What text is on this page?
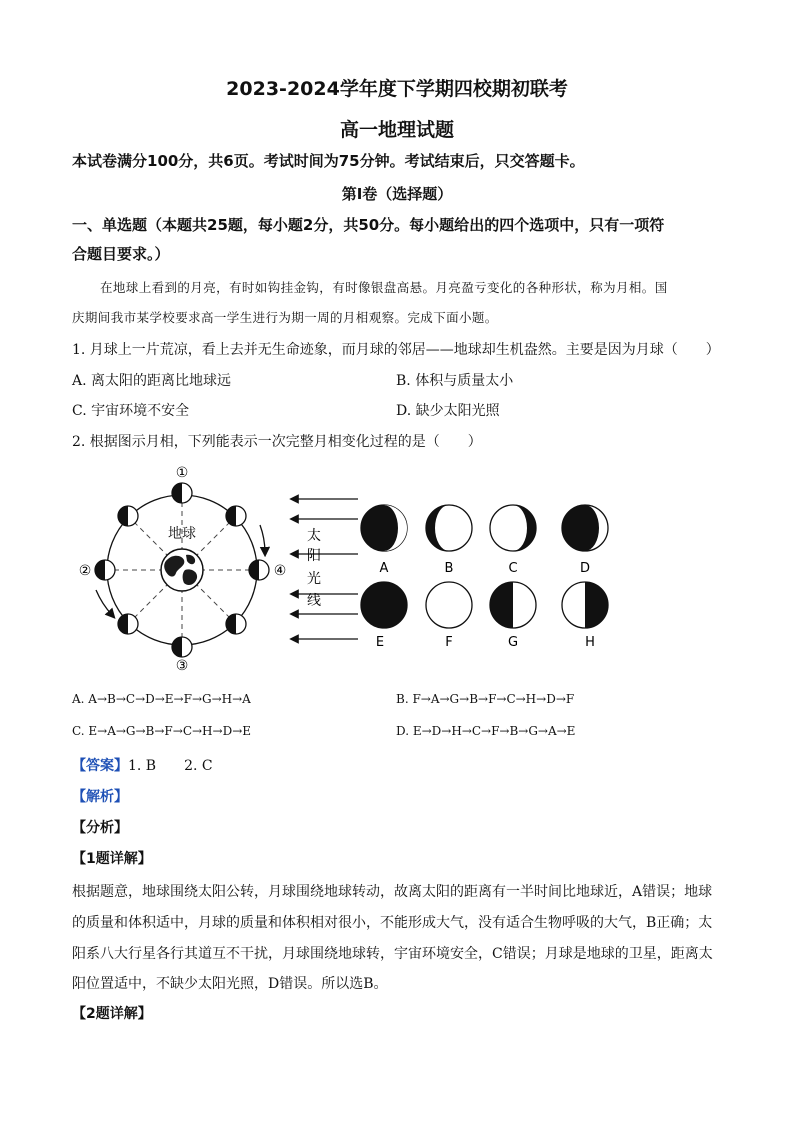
2023-2024学年度下学期四校期初联考
高一地理试题
本试卷满分100分，共6页。考试时间为75分钟。考试结束后，只交答题卡。
第Ⅰ卷（选择题）
一、单选题（本题共25题，每小题2分，共50分。每小题给出的四个选项中，只有一项符
合题目要求。）
在地球上看到的月亮，有时如钩挂金钩，有时像银盘高悬。月亮盈亏变化的各种形状，称为月相。国
庆期间我市某学校要求高一学生进行为期一周的月相观察。完成下面小题。
1. 月球上一片荒凉，看上去并无生命迹象，而月球的邻居——地球却生机盎然。主要是因为月球（　　）
A. 离太阳的距离比地球远	B. 体积与质量太小
C. 宇宙环境不安全	D. 缺少太阳光照
2. 根据图示月相，下列能表示一次完整月相变化过程的是（　　）
地球
①
②
③
④
太
阳
光
线
A	B	C	D
E	F	G	H
A. A→B→C→D→E→F→G→H→A	B. F→A→G→B→F→C→H→D→F
C. E→A→G→B→F→C→H→D→E	D. E→D→H→C→F→B→G→A→E
【答案】1. B　　2. C
【解析】
【分析】
【1题详解】
根据题意，地球围绕太阳公转，月球围绕地球转动，故离太阳的距离有一半时间比地球近，A错误；地球
的质量和体积适中，月球的质量和体积相对很小，不能形成大气，没有适合生物呼吸的大气，B正确；太
阳系八大行星各行其道互不干扰，月球围绕地球转，宇宙环境安全，C错误；月球是地球的卫星，距离太
阳位置适中，不缺少太阳光照，D错误。所以选B。
【2题详解】
